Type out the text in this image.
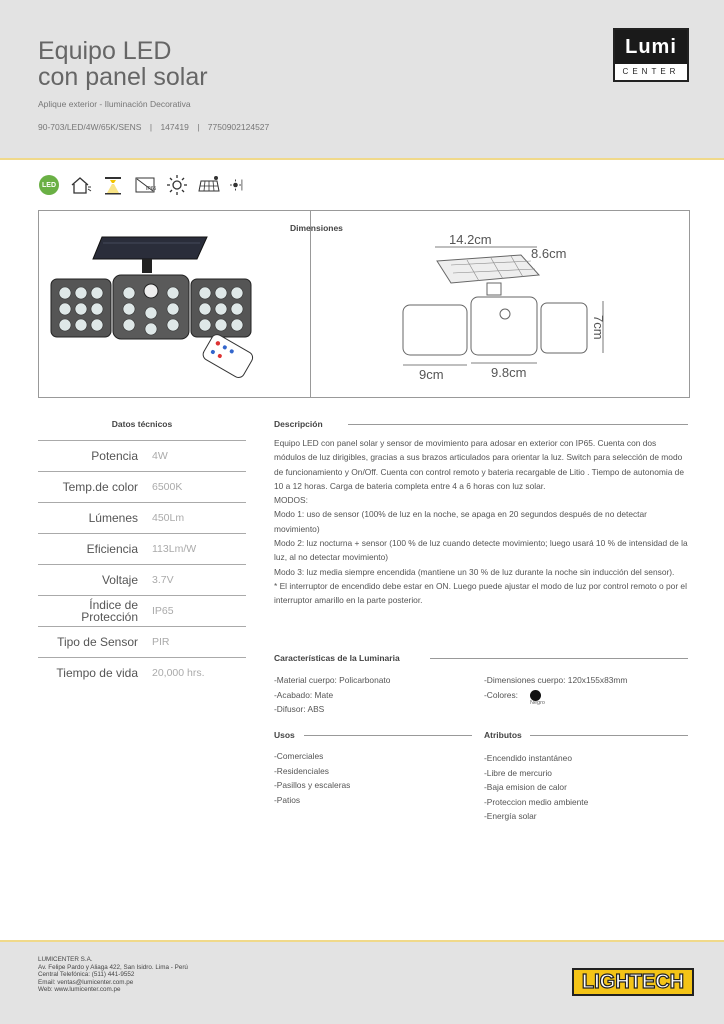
Equipo LED
con panel solar
Aplique exterior - Iluminación Decorativa
90-703/LED/4W/65K/SENS | 147419 | 7750902124527
Lumi
CENTER
LED
IP65
Dimensiones
14.2cm
8.6cm
7cm
9cm	9.8cm
Datos técnicos
Potencia 4W
Temp.de color 6500K
Lúmenes 450Lm
Eficiencia 113Lm/W
Voltaje 3.7V
Índice de Protección IP65
Tipo de Sensor PIR
Tiempo de vida 20,000 hrs.
Descripción

Equipo LED con panel solar y sensor de movimiento para adosar en exterior con IP65. Cuenta con dos módulos de luz dirigibles, gracias a sus brazos articulados para orientar la luz. Switch para selección de modo de funcionamiento y On/Off. Cuenta con control remoto y bateria recargable de Litio . Tiempo de autonomia de 10 a 12 horas. Carga de bateria completa entre 4 a 6 horas con luz solar.

MODOS:

Modo 1: uso de sensor (100% de luz en la noche, se apaga en 20 segundos después de no detectar movimiento)

Modo 2: luz nocturna + sensor (100 % de luz cuando detecte movimiento; luego usará 10 % de intensidad de la luz, al no detectar movimiento)

Modo 3: luz media siempre encendida (mantiene un 30 % de luz durante la noche sin inducción del sensor).

* El interruptor de encendido debe estar en ON. Luego puede ajustar el modo de luz por control remoto o por el interruptor amarillo en la parte posterior.

Características de la Luminaria
-Material cuerpo: Policarbonato
-Acabado: Mate
-Difusor: ABS
-Dimensiones cuerpo: 120x155x83mm
-Colores:
Negro
Usos
-Comerciales
-Residenciales
-Pasillos y escaleras
-Patios
Atributos
-Encendido instantáneo
-Libre de mercurio
-Baja emision de calor
-Proteccion medio ambiente
-Energía solar
LUMICENTER S.A.
Av. Felipe Pardo y Aliaga 422, San Isidro. Lima - Perú
Central Telefónica: (511) 441-9552
Email: ventas@lumicenter.com.pe
Web: www.lumicenter.com.pe	LIGHTECH
